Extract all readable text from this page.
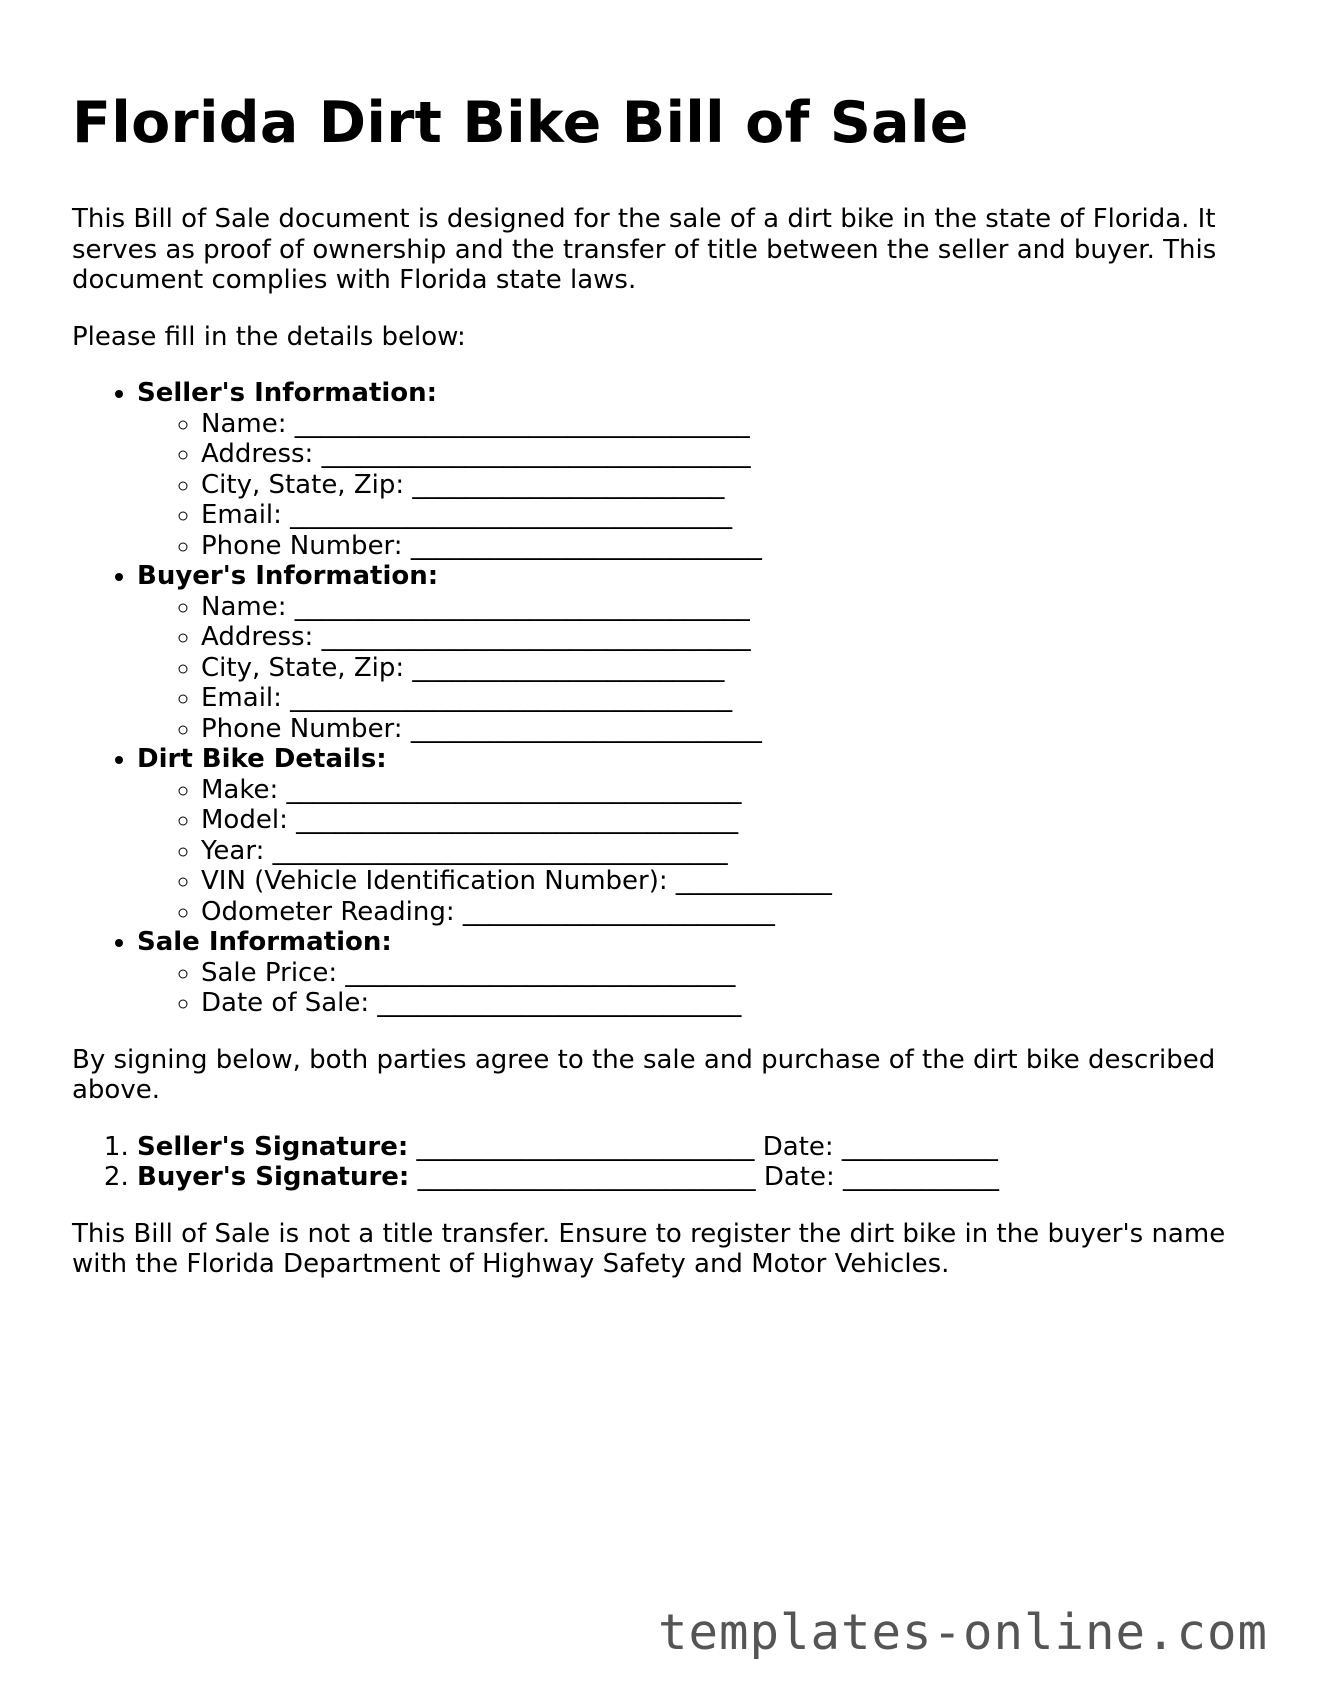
Florida Dirt Bike Bill of Sale

This Bill of Sale document is designed for the sale of a dirt bike in the state of Florida. It serves as proof of ownership and the transfer of title between the seller and buyer. This document complies with Florida state laws.

Please fill in the details below:

• Seller's Information:
◦ Name: ___________________________________
◦ Address: _________________________________
◦ City, State, Zip: ________________________
◦ Email: __________________________________
◦ Phone Number: ___________________________
• Buyer's Information:
◦ Name: ___________________________________
◦ Address: _________________________________
◦ City, State, Zip: ________________________
◦ Email: __________________________________
◦ Phone Number: ___________________________
• Dirt Bike Details:
◦ Make: ___________________________________
◦ Model: __________________________________
◦ Year: ___________________________________
◦ VIN (Vehicle Identification Number): ____________
◦ Odometer Reading: ________________________
• Sale Information:
◦ Sale Price: ______________________________
◦ Date of Sale: ____________________________

By signing below, both parties agree to the sale and purchase of the dirt bike described above.

1. Seller's Signature: __________________________ Date: ____________
2. Buyer's Signature: __________________________ Date: ____________

This Bill of Sale is not a title transfer. Ensure to register the dirt bike in the buyer's name with the Florida Department of Highway Safety and Motor Vehicles.

templates-online.com
